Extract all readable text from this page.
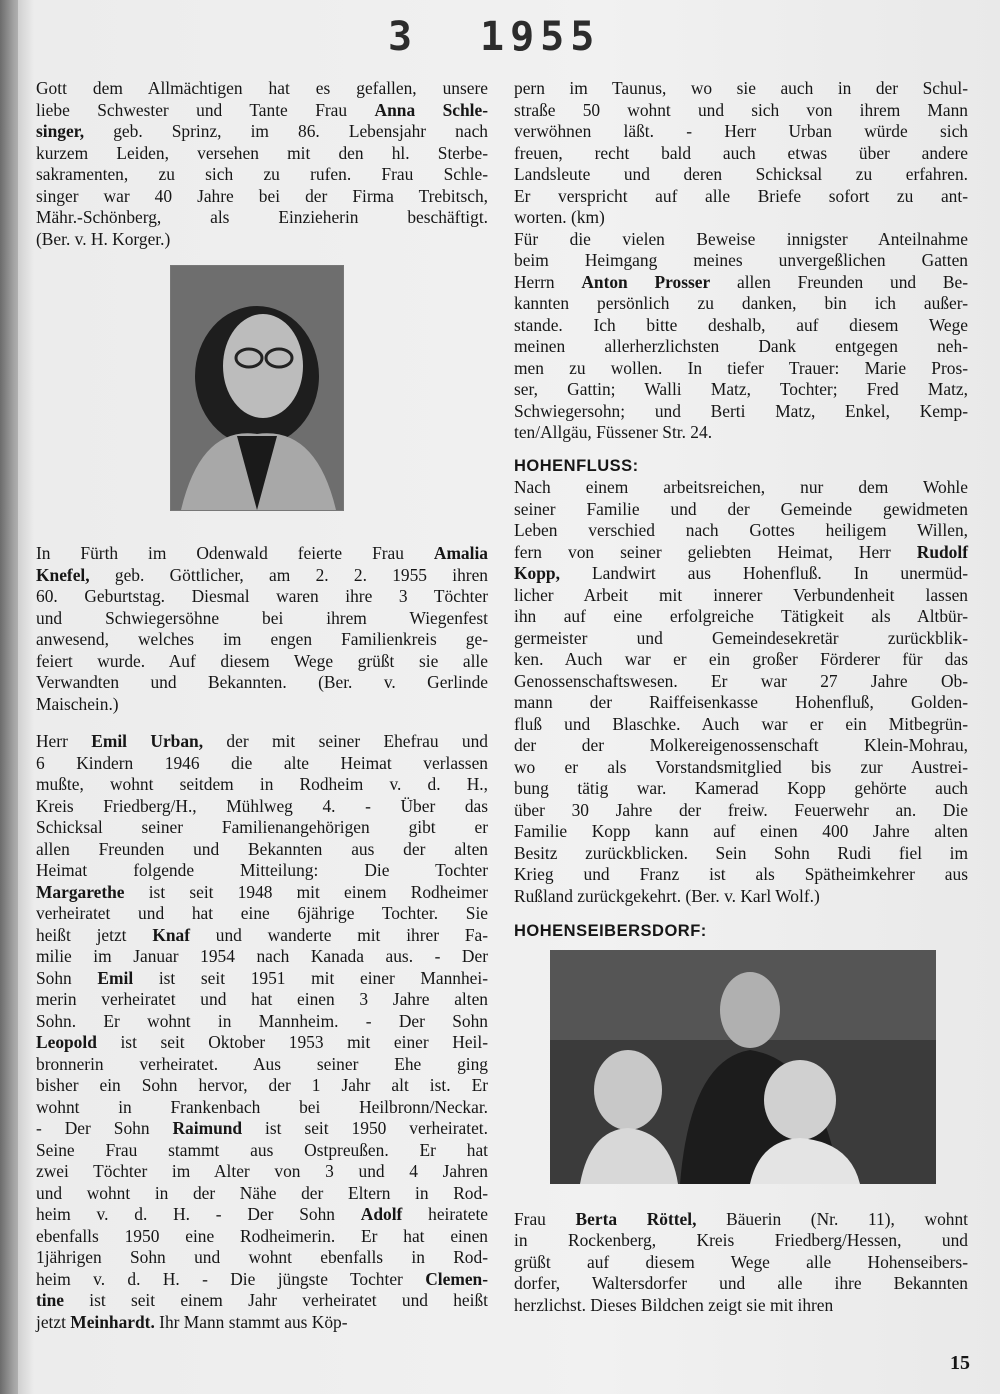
3 1955

Gott dem Allmächtigen hat es gefallen, unsere

liebe Schwester und Tante Frau Anna Schle-

singer, geb. Sprinz, im 86. Lebensjahr nach

kurzem Leiden, versehen mit den hl. Sterbe-

sakramenten, zu sich zu rufen. Frau Schle-

singer war 40 Jahre bei der Firma Trebitsch,

Mähr.-Schönberg, als Einzieherin beschäftigt.

(Ber. v. H. Korger.)

In Fürth im Odenwald feierte Frau Amalia

Knefel, geb. Göttlicher, am 2. 2. 1955 ihren

60. Geburtstag. Diesmal waren ihre 3 Töchter

und Schwiegersöhne bei ihrem Wiegenfest

anwesend, welches im engen Familienkreis ge-

feiert wurde. Auf diesem Wege grüßt sie alle

Verwandten und Bekannten. (Ber. v. Gerlinde

Maischein.)

Herr Emil Urban, der mit seiner Ehefrau und

6 Kindern 1946 die alte Heimat verlassen

mußte, wohnt seitdem in Rodheim v. d. H.,

Kreis Friedberg/H., Mühlweg 4. - Über das

Schicksal seiner Familienangehörigen gibt er

allen Freunden und Bekannten aus der alten

Heimat folgende Mitteilung: Die Tochter

Margarethe ist seit 1948 mit einem Rodheimer

verheiratet und hat eine 6jährige Tochter. Sie

heißt jetzt Knaf und wanderte mit ihrer Fa-

milie im Januar 1954 nach Kanada aus. - Der

Sohn Emil ist seit 1951 mit einer Mannhei-

merin verheiratet und hat einen 3 Jahre alten

Sohn. Er wohnt in Mannheim. - Der Sohn

Leopold ist seit Oktober 1953 mit einer Heil-

bronnerin verheiratet. Aus seiner Ehe ging

bisher ein Sohn hervor, der 1 Jahr alt ist. Er

wohnt in Frankenbach bei Heilbronn/Neckar.

- Der Sohn Raimund ist seit 1950 verheiratet.

Seine Frau stammt aus Ostpreußen. Er hat

zwei Töchter im Alter von 3 und 4 Jahren

und wohnt in der Nähe der Eltern in Rod-

heim v. d. H. - Der Sohn Adolf heiratete

ebenfalls 1950 eine Rodheimerin. Er hat einen

1jährigen Sohn und wohnt ebenfalls in Rod-

heim v. d. H. - Die jüngste Tochter Clemen-

tine ist seit einem Jahr verheiratet und heißt

jetzt Meinhardt. Ihr Mann stammt aus Köp-

pern im Taunus, wo sie auch in der Schul-

straße 50 wohnt und sich von ihrem Mann

verwöhnen läßt. - Herr Urban würde sich

freuen, recht bald auch etwas über andere

Landsleute und deren Schicksal zu erfahren.

Er verspricht auf alle Briefe sofort zu ant-

worten. (km)

Für die vielen Beweise innigster Anteilnahme

beim Heimgang meines unvergeßlichen Gatten

Herrn Anton Prosser allen Freunden und Be-

kannten persönlich zu danken, bin ich außer-

stande. Ich bitte deshalb, auf diesem Wege

meinen allerherzlichsten Dank entgegen neh-

men zu wollen. In tiefer Trauer: Marie Pros-

ser, Gattin; Walli Matz, Tochter; Fred Matz,

Schwiegersohn; und Berti Matz, Enkel, Kemp-

ten/Allgäu, Füssener Str. 24.

HOHENFLUSS:

Nach einem arbeitsreichen, nur dem Wohle

seiner Familie und der Gemeinde gewidmeten

Leben verschied nach Gottes heiligem Willen,

fern von seiner geliebten Heimat, Herr Rudolf

Kopp, Landwirt aus Hohenfluß. In unermüd-

licher Arbeit mit innerer Verbundenheit lassen

ihn auf eine erfolgreiche Tätigkeit als Altbür-

germeister und Gemeindesekretär zurückblik-

ken. Auch war er ein großer Förderer für das

Genossenschaftswesen. Er war 27 Jahre Ob-

mann der Raiffeisenkasse Hohenfluß, Golden-

fluß und Blaschke. Auch war er ein Mitbegrün-

der der Molkereigenossenschaft Klein-Mohrau,

wo er als Vorstandsmitglied bis zur Austrei-

bung tätig war. Kamerad Kopp gehörte auch

über 30 Jahre der freiw. Feuerwehr an. Die

Familie Kopp kann auf einen 400 Jahre alten

Besitz zurückblicken. Sein Sohn Rudi fiel im

Krieg und Franz ist als Spätheimkehrer aus

Rußland zurückgekehrt. (Ber. v. Karl Wolf.)

HOHENSEIBERSDORF:

Frau Berta Röttel, Bäuerin (Nr. 11), wohnt

in Rockenberg, Kreis Friedberg/Hessen, und

grüßt auf diesem Wege alle Hohenseibers-

dorfer, Waltersdorfer und alle ihre Bekannten

herzlichst. Dieses Bildchen zeigt sie mit ihren

15
